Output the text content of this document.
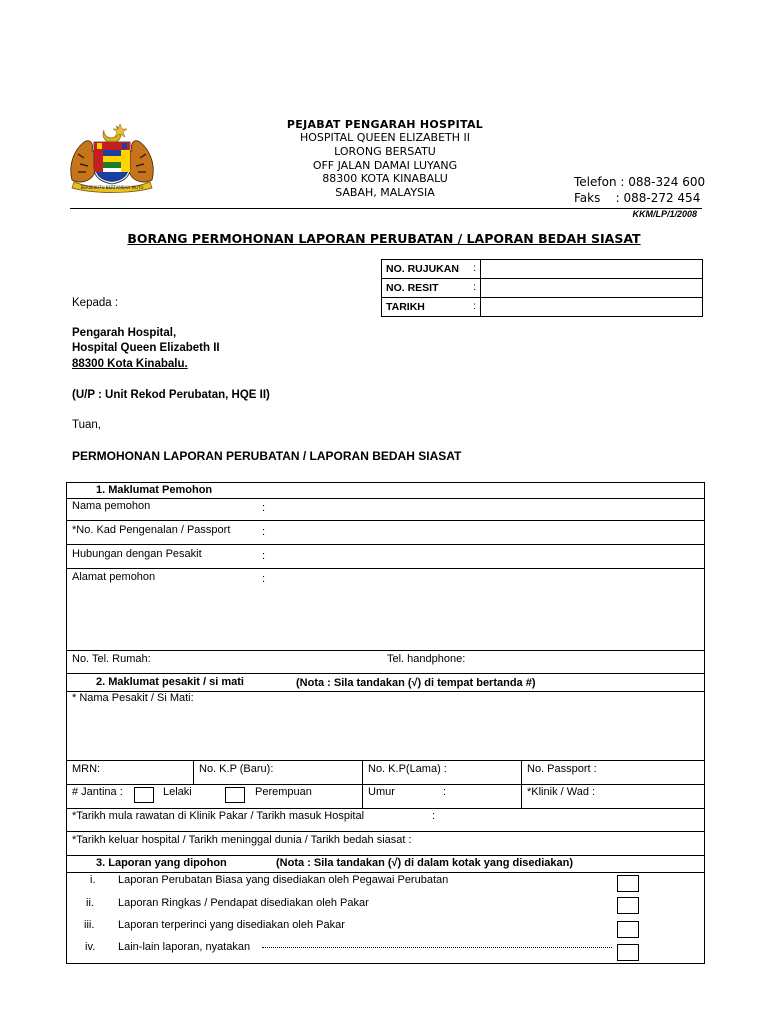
BERSEKUTU BERTAMBAH MUTU
PEJABAT PENGARAH HOSPITAL
HOSPITAL QUEEN ELIZABETH II
LORONG BERSATU
OFF JALAN DAMAI LUYANG
88300 KOTA KINABALU
SABAH, MALAYSIA
Telefon : 088-324 600
Faks    : 088-272 454
KKM/LP/1/2008
BORANG PERMOHONAN LAPORAN PERUBATAN / LAPORAN BEDAH SIASAT
NO. RUJUKAN :	

NO. RESIT :	

TARIKH :	

Kepada :
Pengarah Hospital,
Hospital Queen Elizabeth II
88300 Kota Kinabalu.
(U/P : Unit Rekod Perubatan, HQE II)
Tuan,
PERMOHONAN LAPORAN PERUBATAN / LAPORAN BEDAH SIASAT
1. Maklumat Pemohon
Nama pemohon	:
*No. Kad Pengenalan / Passport	:
Hubungan dengan Pesakit	:
Alamat pemohon	:
No. Tel. Rumah:	Tel. handphone:
2. Maklumat pesakit / si mati	(Nota : Sila tandakan (√) di tempat bertanda #)
* Nama Pesakit / Si Mati:
MRN:	No. K.P (Baru):	No. K.P(Lama) :	No. Passport :
# Jantina :	Lelaki	Perempuan	Umur	:	*Klinik / Wad :
*Tarikh mula rawatan di Klinik Pakar / Tarikh masuk Hospital	:
*Tarikh keluar hospital / Tarikh meninggal dunia / Tarikh bedah siasat :
3. Laporan yang dipohon	(Nota : Sila tandakan (√) di dalam kotak yang disediakan)
i. Laporan Perubatan Biasa yang disediakan oleh Pegawai Perubatan
ii. Laporan Ringkas / Pendapat disediakan oleh Pakar
iii. Laporan terperinci yang disediakan oleh Pakar
iv. Lain-lain laporan, nyatakan
